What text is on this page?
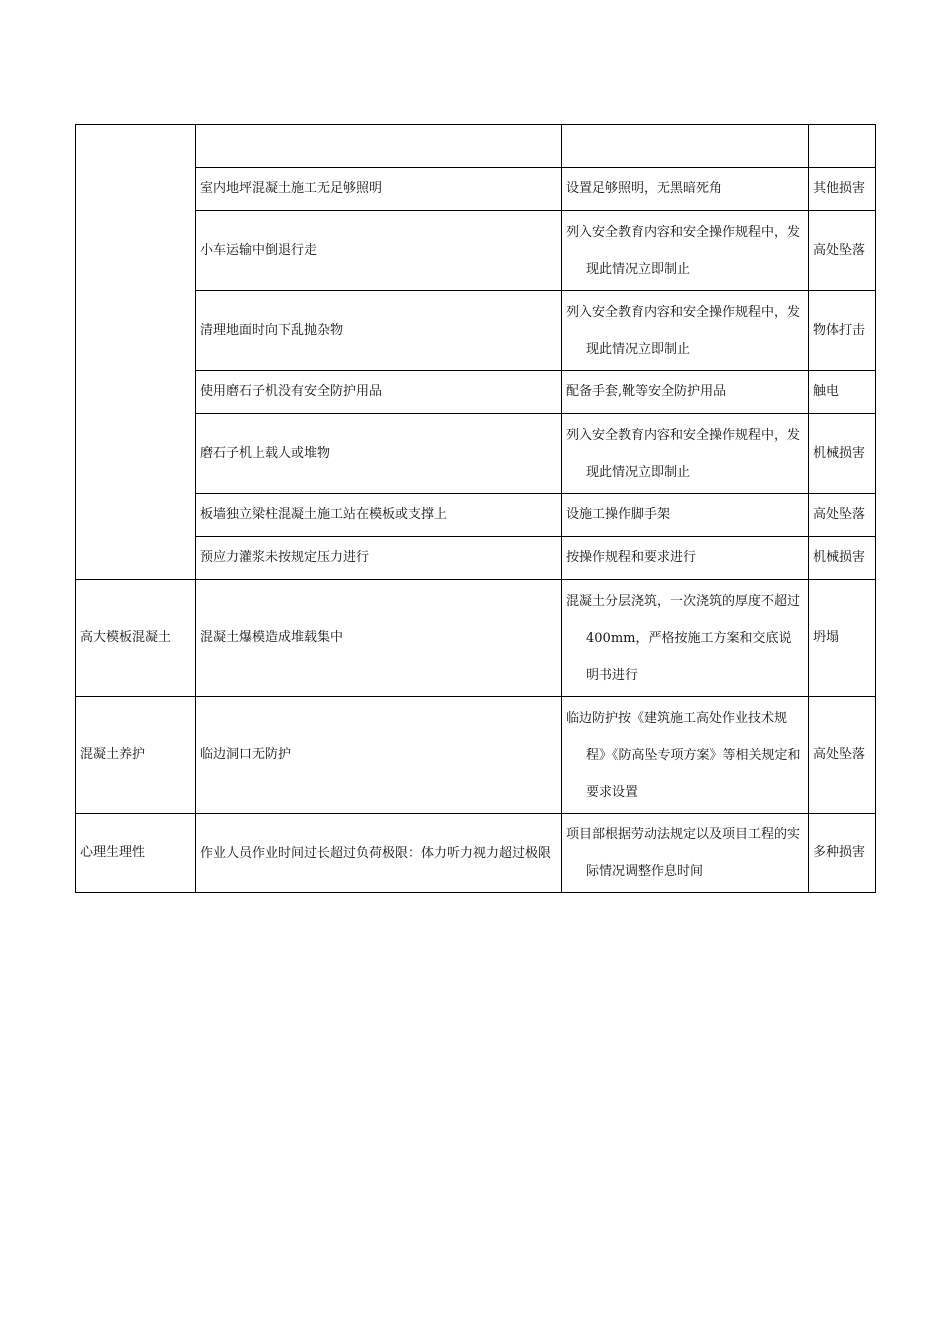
	室内地坪混凝土施工无足够照明	设置足够照明，无黑暗死角	其他损害
	小车运输中倒退行走	列入安全教育内容和安全操作规程中，发现此情况立即制止	高处坠落
	清理地面时向下乱抛杂物	列入安全教育内容和安全操作规程中，发现此情况立即制止	物体打击
	使用磨石子机没有安全防护用品	配备手套,靴等安全防护用品	触电
	磨石子机上载人或堆物	列入安全教育内容和安全操作规程中，发现此情况立即制止	机械损害
	板墙独立梁柱混凝土施工站在模板或支撑上	设施工操作脚手架	高处坠落
	预应力灌浆未按规定压力进行	按操作规程和要求进行	机械损害
高大模板混凝土	混凝土爆模造成堆载集中	混凝土分层浇筑，一次浇筑的厚度不超过400mm，严格按施工方案和交底说明书进行	坍塌
混凝土养护	临边洞口无防护	临边防护按《建筑施工高处作业技术规程》《防高坠专项方案》等相关规定和要求设置	高处坠落
心理生理性	作业人员作业时间过长超过负荷极限：体力听力视力超过极限	项目部根据劳动法规定以及项目工程的实际情况调整作息时间	多种损害
